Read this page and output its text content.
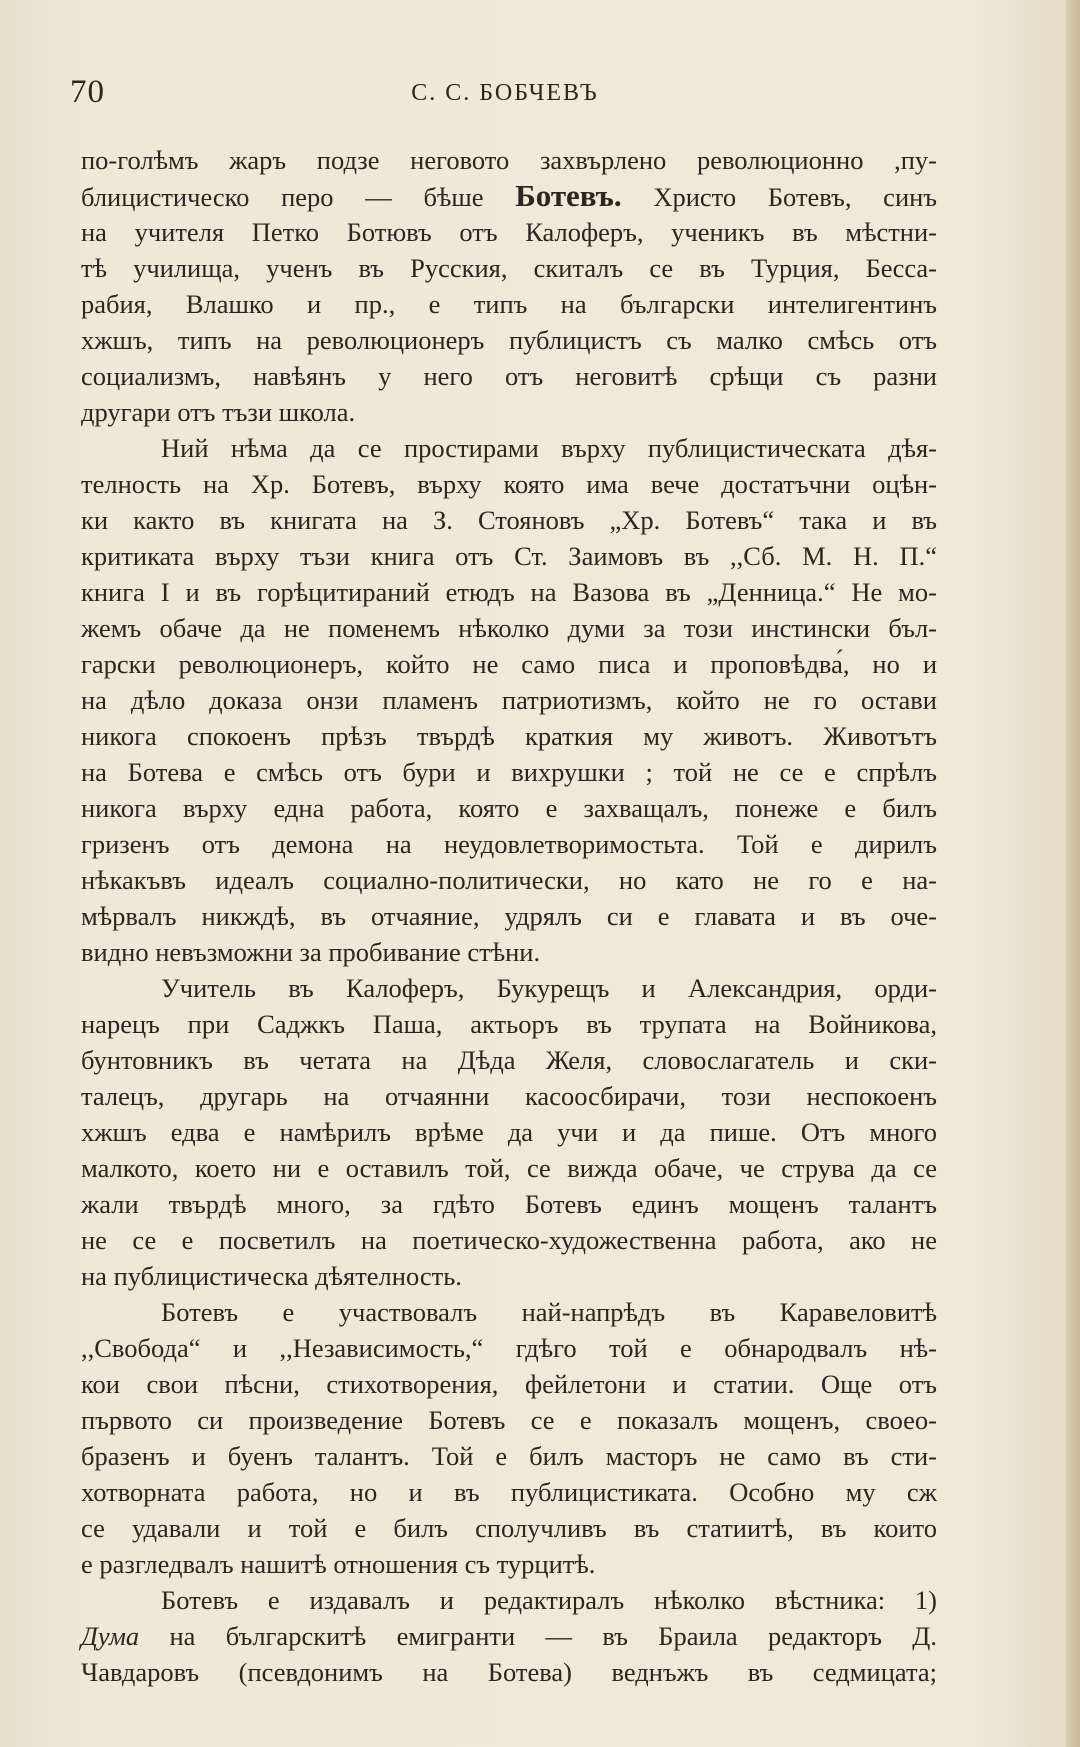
70	С. С. БОБЧЕВЪ
по-голѣмъ жаръ подзе неговото захвърлено революционно ,пу-
блицистическо перо — бѣше Ботевъ. Христо Ботевъ, синъ
на учителя Петко Ботювъ отъ Калоферъ, ученикъ въ мѣстни-
тѣ училища, ученъ въ Русския, скиталъ се въ Турция, Беcса-
рабия, Влашко и пр., е типъ на български интелигентинъ
хжшъ, типъ на революционеръ публицистъ съ малко смѣсь отъ
социализмъ, навѣянъ у него отъ неговитѣ срѣщи съ разни
другари отъ тъзи школа.
Ний нѣма да се простирами върху публицистическата дѣя-
телность на Хр. Ботевъ, върху която има вече достатъчни оцѣн-
ки както въ книгата на З. Стояновъ „Хр. Ботевъ“ така и въ
критиката върху тъзи книга отъ Ст. Заимовъ въ ,,Сб. М. Н. П.“
книга I и въ горѣцитираний етюдъ на Вазова въ „Денница.“ Не мо-
жемъ обаче да не поменемъ нѣколко думи за този инстински бъл-
гарски революционеръ, който не само писа и проповѣдва́, но и
на дѣло доказа онзи пламенъ патриотизмъ, който не го остави
никога спокоенъ прѣзъ твърдѣ краткия му животъ. Животътъ
на Ботева е смѣсь отъ бури и вихрушки ; той не се е спрѣлъ
никога върху една работа, която е захващалъ, понеже е билъ
гризенъ отъ демона на неудовлетворимостьта. Той е дирилъ
нѣкакъвъ идеалъ социално-политически, но като не го е на-
мѣрвалъ никждѣ, въ отчаяние, удрялъ си е главата и въ оче-
видно невъзможни за пробивание стѣни.
Учитель въ Калоферъ, Букурещъ и Александрия, орди-
нарецъ при Саджкъ Паша, актьоръ въ трупата на Войникова,
бунтовникъ въ четата на Дѣда Желя, словослагатель и ски-
талецъ, другарь на отчаянни касоосбирачи, този неспокоенъ
хжшъ едва е намѣрилъ врѣме да учи и да пише. Отъ много
малкото, което ни е оставилъ той, се вижда обаче, че струва да се
жали твърдѣ много, за гдѣто Ботевъ единъ мощенъ талантъ
не се е посветилъ на поетическо-художественна работа, ако не
на публицистическа дѣятелность.
Ботевъ е участвовалъ най-напрѣдъ въ Каравеловитѣ
,,Свобода“ и ,,Независимость,“ гдѣго той е обнародвалъ нѣ-
кои свои пѣсни, стихотворения, фейлетони и статии. Още отъ
първото си произведение Ботевъ се е показалъ мощенъ, своео-
бразенъ и буенъ талантъ. Той е билъ масторъ не само въ сти-
хотворната работа, но и въ публицистиката. Особно му сж
се удавали и той е билъ сполучливъ въ статиитѣ, въ които
е разгледвалъ нашитѣ отношения съ турцитѣ.
Ботевъ е издавалъ и редактиралъ нѣколко вѣстника: 1)
Дума на българскитѣ емигранти — въ Браила редакторъ Д.
Чавдаровъ (псевдонимъ на Ботева) веднъжъ въ седмицата;
